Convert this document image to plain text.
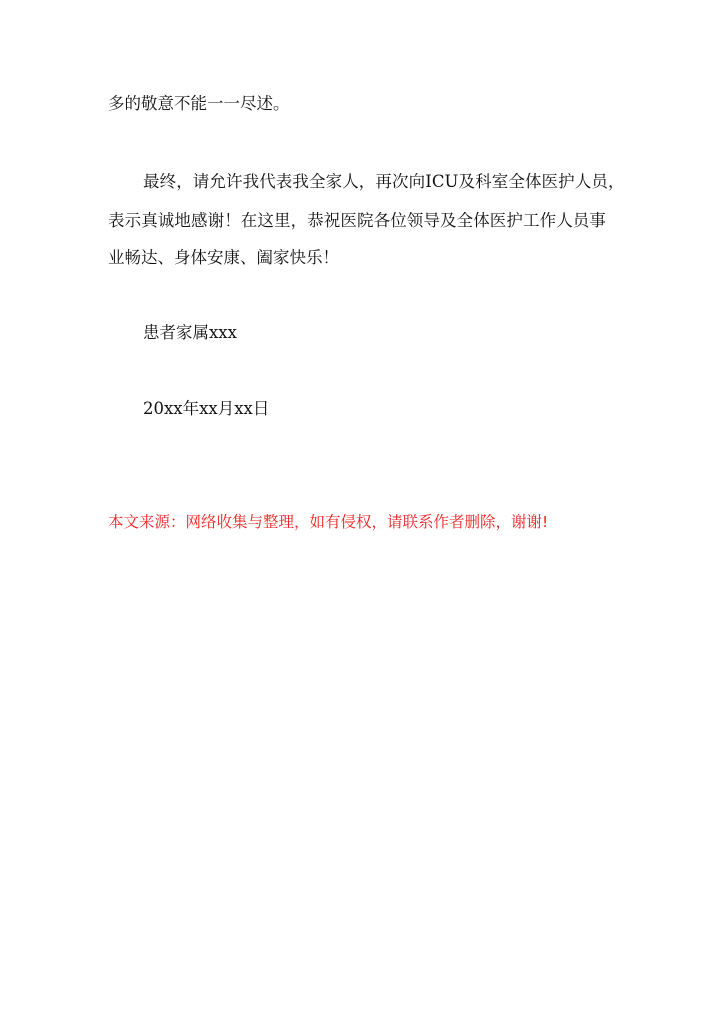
多的敬意不能一一尽述。

最终，请允许我代表我全家人，再次向ICU及科室全体医护人员，

表示真诚地感谢！在这里，恭祝医院各位领导及全体医护工作人员事

业畅达、身体安康、阖家快乐！

患者家属xxx

20xx年xx月xx日

本文来源：网络收集与整理，如有侵权，请联系作者删除，谢谢!
